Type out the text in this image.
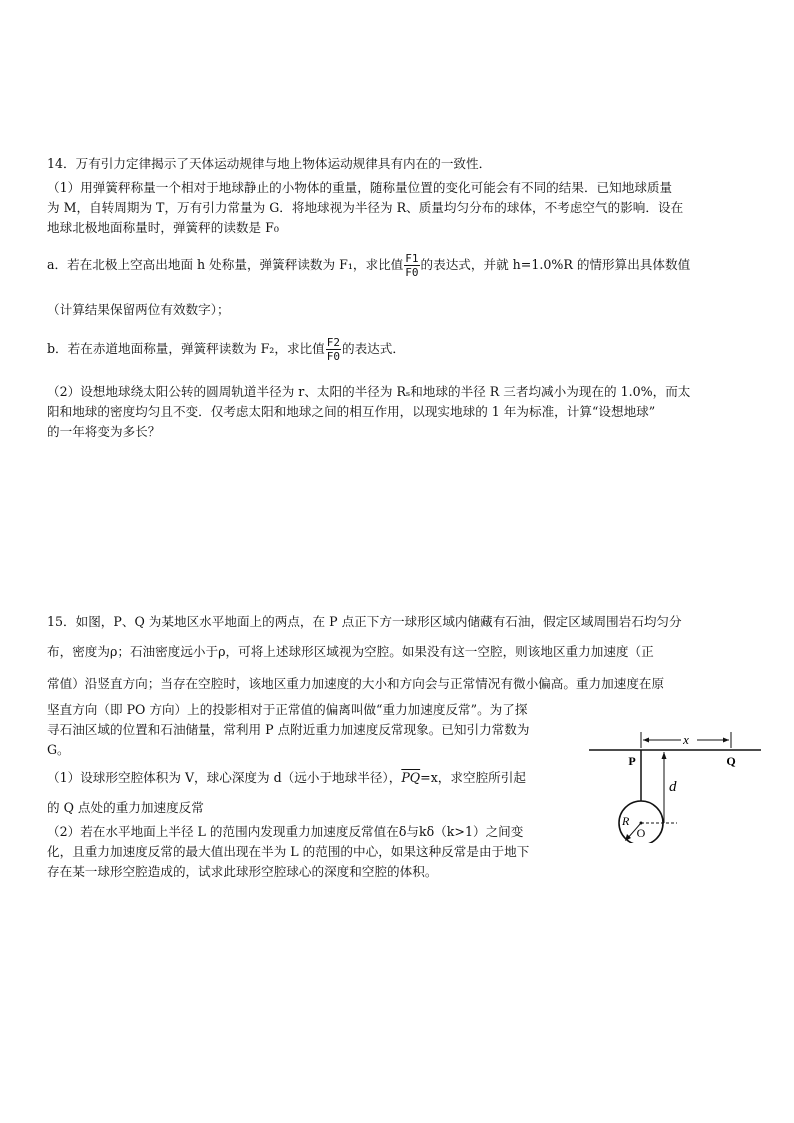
14．万有引力定律揭示了天体运动规律与地上物体运动规律具有内在的一致性．
（1）用弹簧秤称量一个相对于地球静止的小物体的重量，随称量位置的变化可能会有不同的结果．已知地球质量
为 M，自转周期为 T，万有引力常量为 G．将地球视为半径为 R、质量均匀分布的球体，不考虑空气的影响．设在
地球北极地面称量时，弹簧秤的读数是 F₀
a．若在北极上空高出地面 h 处称量，弹簧秤读数为 F₁，求比值 $\frac{F1}{F0}$ 的表达式，并就 h=1.0%R 的情形算出具体数值
（计算结果保留两位有效数字）；
b．若在赤道地面称量，弹簧秤读数为 F₂，求比值 $\frac{F2}{F0}$ 的表达式．
（2）设想地球绕太阳公转的圆周轨道半径为 r、太阳的半径为 Rₛ和地球的半径 R 三者均减小为现在的 1.0%，而太
阳和地球的密度均匀且不变．仅考虑太阳和地球之间的相互作用，以现实地球的 1 年为标准，计算“设想地球”
的一年将变为多长？
15．如图，P、Q 为某地区水平地面上的两点，在 P 点正下方一球形区域内储藏有石油，假定区域周围岩石均匀分
布，密度为ρ；石油密度远小于ρ，可将上述球形区域视为空腔。如果没有这一空腔，则该地区重力加速度（正
常值）沿竖直方向；当存在空腔时，该地区重力加速度的大小和方向会与正常情况有微小偏高。重力加速度在原
坚直方向（即 PO 方向）上的投影相对于正常值的偏离叫做“重力加速度反常”。为了探
寻石油区域的位置和石油储量，常利用 P 点附近重力加速度反常现象。已知引力常数为
G。
（1）设球形空腔体积为 V，球心深度为 d（远小于地球半径），$\overline{PQ}=x$，求空腔所引起
的 Q 点处的重力加速度反常
（2）若在水平地面上半径 L 的范围内发现重力加速度反常值在δ与kδ（k>1）之间变
化，且重力加速度反常的最大值出现在半为 L 的范围的中心，如果这种反常是由于地下
存在某一球形空腔造成的，试求此球形空腔球心的深度和空腔的体积。
x
P	Q
d
R
O
